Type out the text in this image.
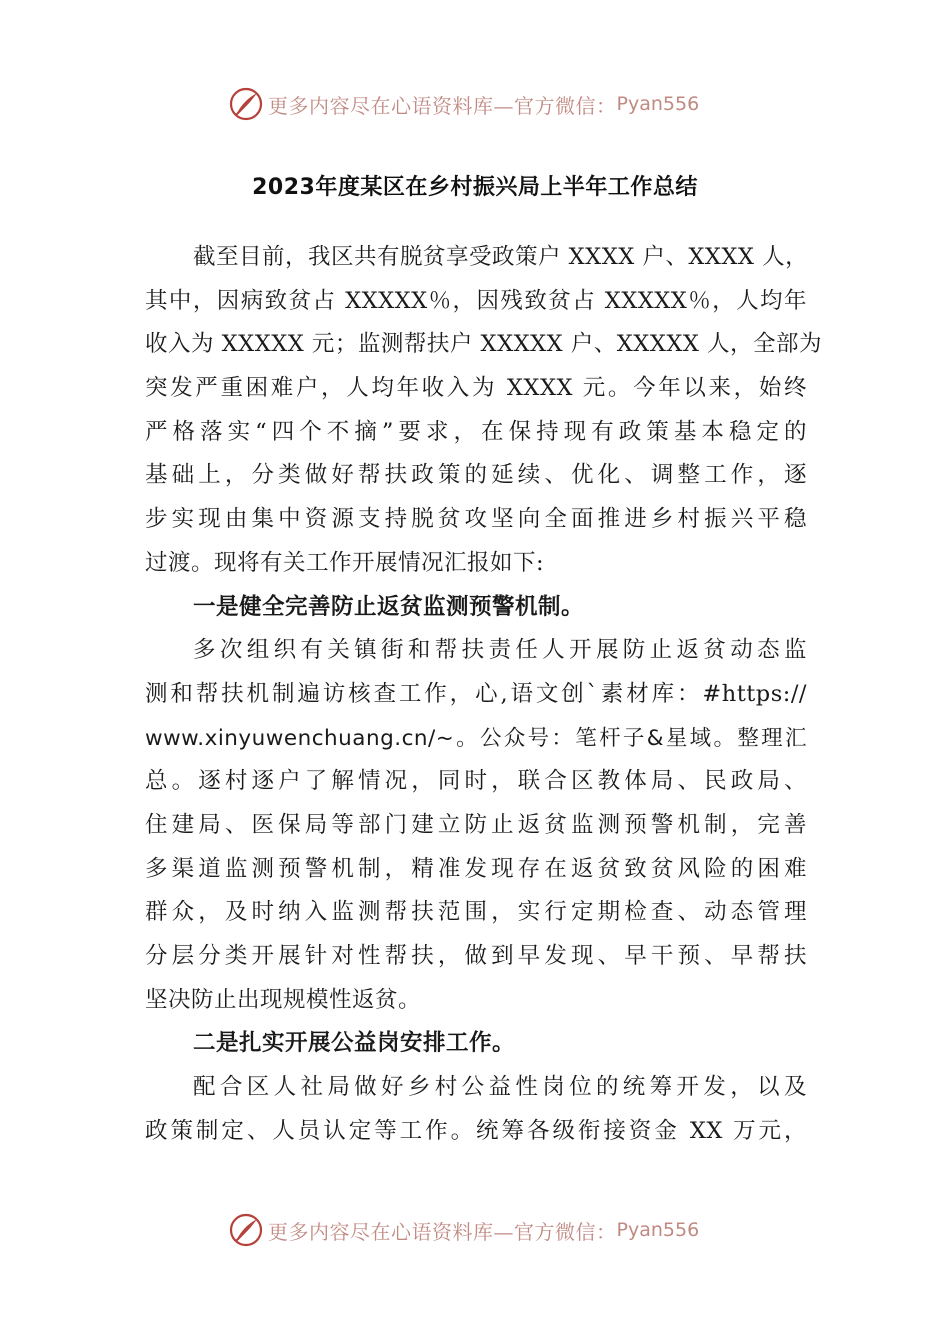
更多内容尽在心语资料库—官方微信： Pyan556
2023年度某区在乡村振兴局上半年工作总结
截至目前，我区共有脱贫享受政策户 XXXX 户、XXXX 人，
其中，因病致贫占 XXXXX％，因残致贫占 XXXXX％，人均年
收入为 XXXXX 元；监测帮扶户 XXXXX 户、XXXXX 人，全部为
突发严重困难户，人均年收入为 XXXX 元。今年以来，始终
严格落实“四个不摘”要求，在保持现有政策基本稳定的
基础上，分类做好帮扶政策的延续、优化、调整工作，逐
步实现由集中资源支持脱贫攻坚向全面推进乡村振兴平稳
过渡。现将有关工作开展情况汇报如下:
一是健全完善防止返贫监测预警机制。
多次组织有关镇街和帮扶责任人开展防止返贫动态监
测和帮扶机制遍访核查工作，心,语文创`素材库：#https://
www.xinyuwenchuang.cn/~。公众号：笔杆子&星域。整理汇
总。逐村逐户了解情况，同时，联合区教体局、民政局、
住建局、医保局等部门建立防止返贫监测预警机制，完善
多渠道监测预警机制，精准发现存在返贫致贫风险的困难
群众，及时纳入监测帮扶范围，实行定期检查、动态管理
分层分类开展针对性帮扶，做到早发现、早干预、早帮扶
坚决防止出现规模性返贫。
二是扎实开展公益岗安排工作。
配合区人社局做好乡村公益性岗位的统筹开发，以及
政策制定、人员认定等工作。统筹各级衔接资金 XX 万元，
更多内容尽在心语资料库—官方微信： Pyan556
